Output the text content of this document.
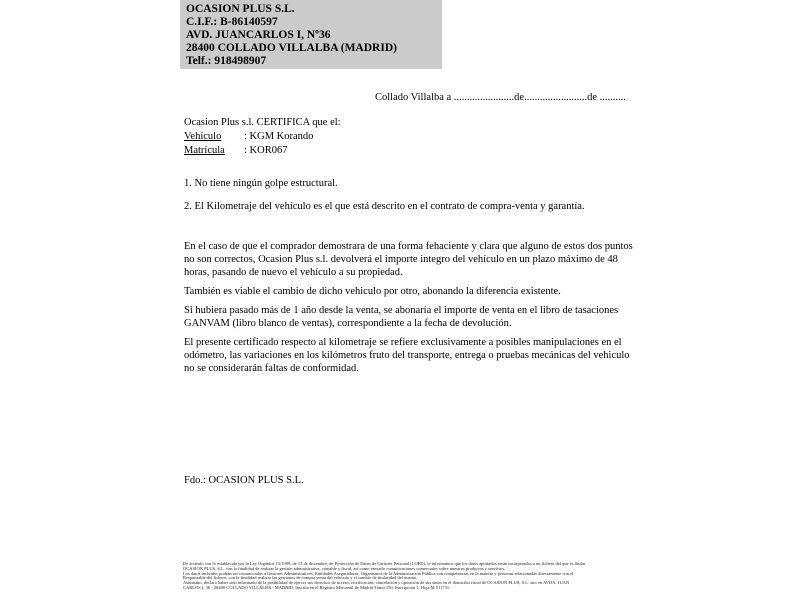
OCASION PLUS S.L.
C.I.F.: B-86140597
AVD. JUANCARLOS I, Nº36
28400 COLLADO VILLALBA (MADRID)
Telf.: 918498907
Collado Villalba a .......................de........................de ..........
Ocasion Plus s.l. CERTIFICA que el:
Vehículo : KGM Korando
Matrícula : KOR067
1. No tiene ningún golpe estructural.
2. El Kilometraje del vehículo es el que está descrito en el contrato de compra-venta y garantía.
En el caso de que el comprador demostrara de una forma fehaciente y clara que alguno de estos dos puntos no son correctos, Ocasion Plus s.l. devolverá el importe integro del vehículo en un plazo máximo de 48 horas, pasando de nuevo el vehículo a su propiedad.
También es viable el cambio de dicho vehiculo por otro, abonando la diferencia existente.
Si hubiera pasado más de 1 año desde la venta, se abonaría el importe de venta en el libro de tasaciones GANVAM (libro blanco de ventas), correspondiente a la fecha de devolución.
El presente certificado respecto al kilometraje se refiere exclusivamente a posibles manipulaciones en el odómetro, las variaciones en los kilómetros fruto del transporte, entrega o pruebas mecánicas del vehiculo no se considerarán faltas de conformidad.
Fdo.: OCASION PLUS S.L.
De acuerdo con lo establecido por la Ley Orgánica 15/1999, de 13 de diciembre, de Protección de Datos de Carácter Personal (LOPD), le informamos que los datos aportados serán incorporados a un fichero del que es titular
OCASION PLUS, S.L. con la finalidad de realizar la gestión administrativa, contable y fiscal, así como enviarle comunicaciones comerciales sobre nuestros productos y servicios.
Los datos incluidos podrán ser comunicados a Gestores Administrativos, Entidades Aseguradoras, Organismos de la Administración Pública con competencias en la materia y personas relacionadas directamente con el
Responsable del fichero, con la finalidad realizar las gestiones de compra venta del vehículo y el cambio de titularidad del mismo.
Asimismo, declaro haber sido informado de la posibilidad de ejercer sus derechos de acceso, rectificación, cancelación y oposición de sus datos en el domicilio fiscal de OCASION PLUS, S.L. sito en AVDA. JUAN
CARLOS I, 36 - 28400 COLLADO VILLALBA - MADRID. Inscrita en el Registro Mercantil de Madrid Tomo 150, Inscripción 1, Hoja M 511731.
